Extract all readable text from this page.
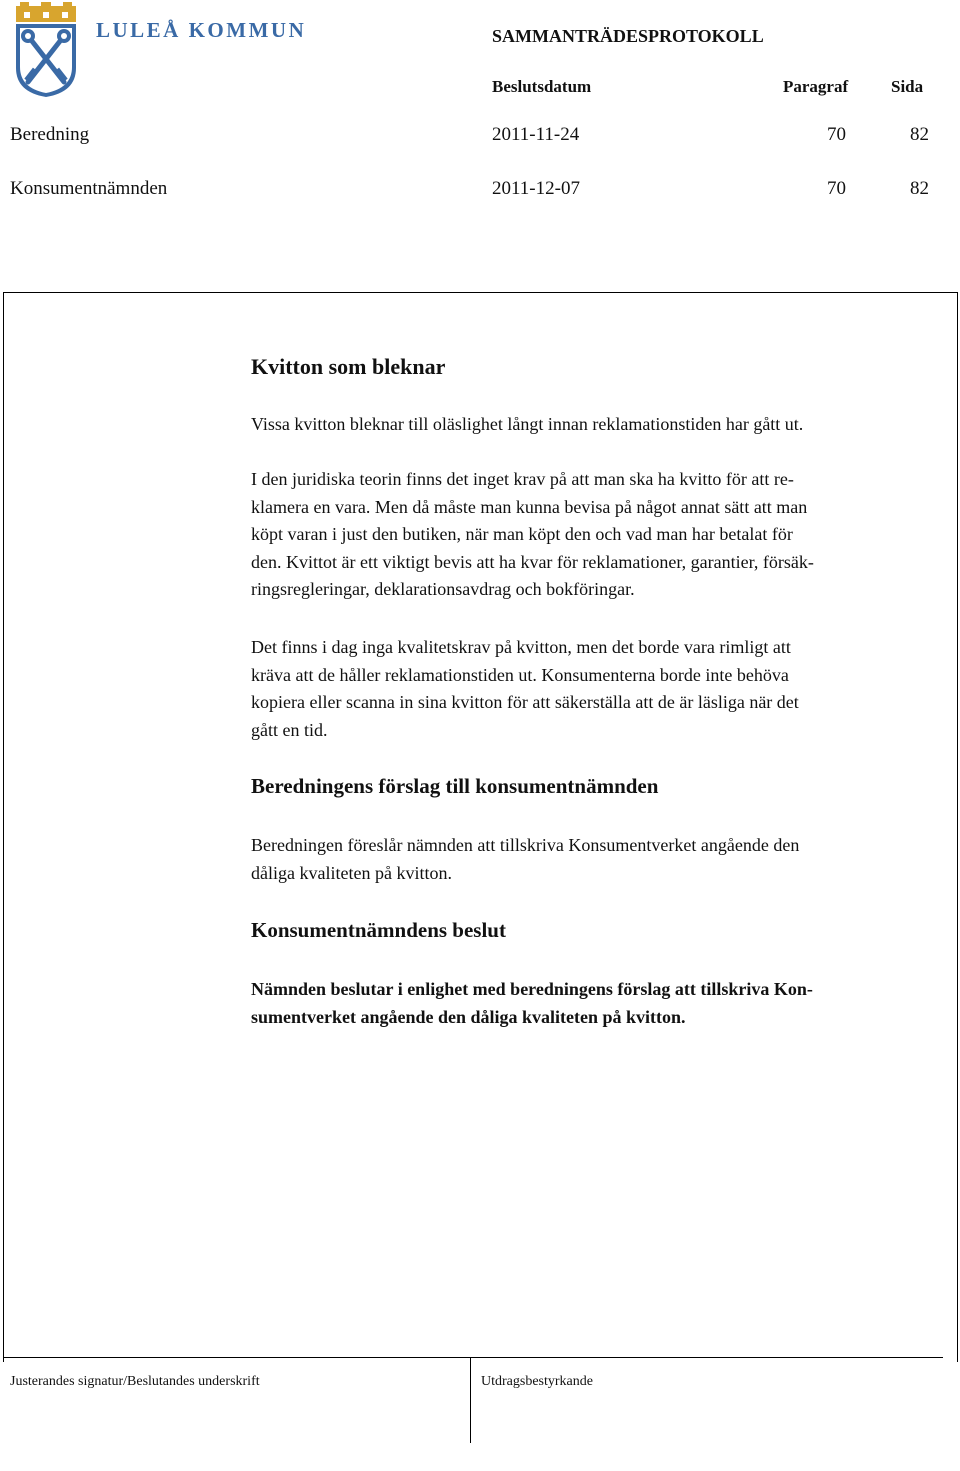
LULEÅ KOMMUN	SAMMANTRÄDESPROTOKOLL
Beslutsdatum	Paragraf	Sida
Beredning	2011-11-24	70	82
Konsumentnämnden	2011-12-07	70	82
Kvitton som bleknar

Vissa kvitton bleknar till oläslighet långt innan reklamationstiden har gått ut.

I den juridiska teorin finns det inget krav på att man ska ha kvitto för att re-

klamera en vara. Men då måste man kunna bevisa på något annat sätt att man

köpt varan i just den butiken, när man köpt den och vad man har betalat för

den. Kvittot är ett viktigt bevis att ha kvar för reklamationer, garantier, försäk-

ringsregleringar, deklarationsavdrag och bokföringar.

Det finns i dag inga kvalitetskrav på kvitton, men det borde vara rimligt att

kräva att de håller reklamationstiden ut. Konsumenterna borde inte behöva

kopiera eller scanna in sina kvitton för att säkerställa att de är läsliga när det

gått en tid.

Beredningens förslag till konsumentnämnden

Beredningen föreslår nämnden att tillskriva Konsumentverket angående den

dåliga kvaliteten på kvitton.

Konsumentnämndens beslut

Nämnden beslutar i enlighet med beredningens förslag att tillskriva Kon-

sumentverket angående den dåliga kvaliteten på kvitton.

Justerandes signatur/Beslutandes underskrift	Utdragsbestyrkande
